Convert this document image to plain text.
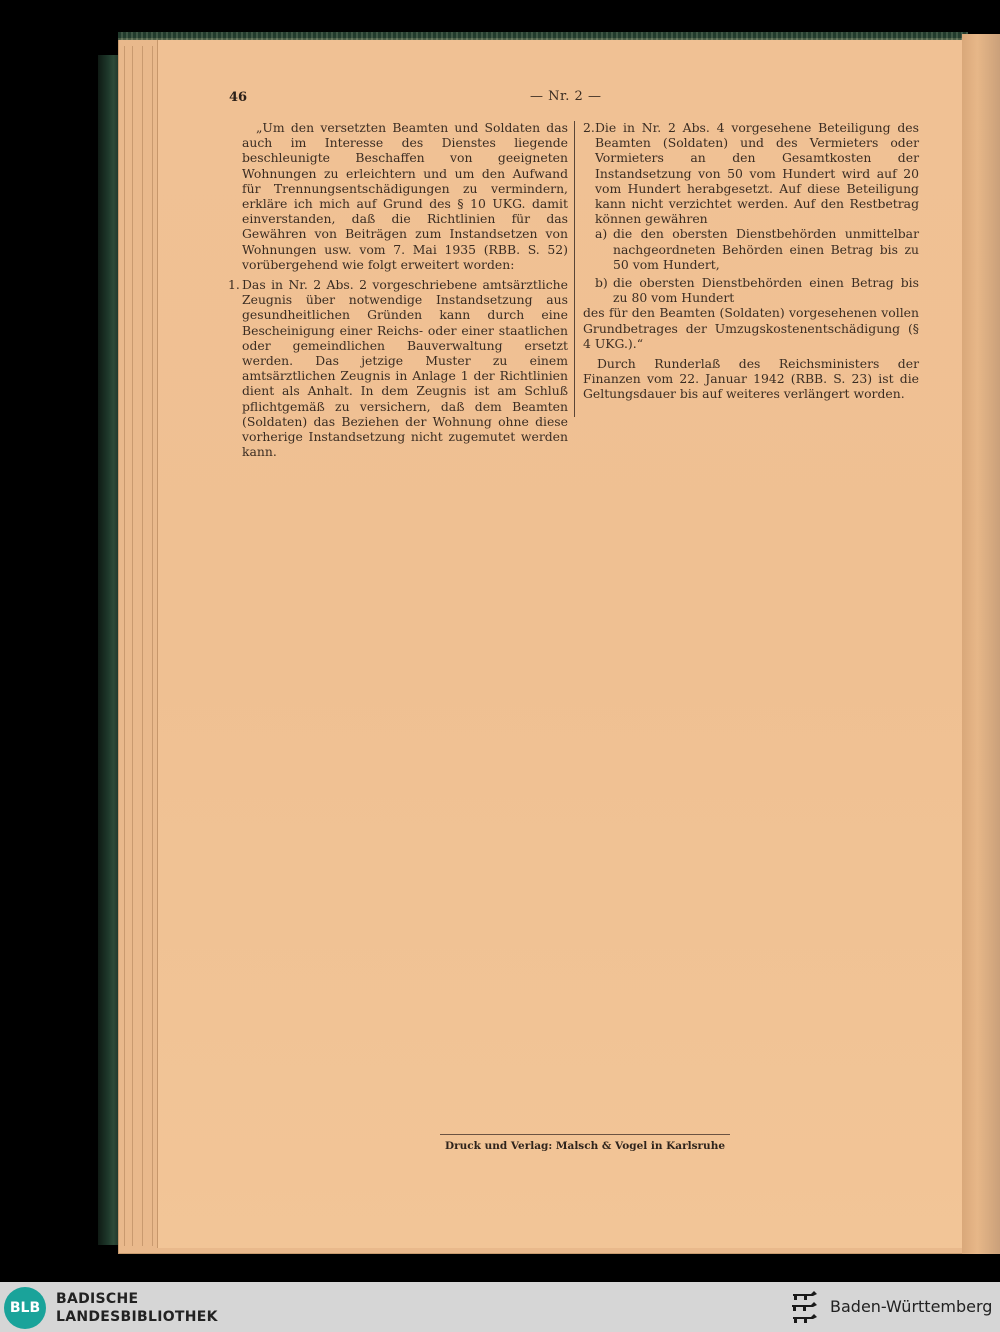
46	— Nr. 2 —

„Um den versetzten Beamten und Soldaten das auch im Interesse des Dienstes liegende beschleunigte Beschaffen von geeigneten Wohnungen zu erleichtern und um den Aufwand für Trennungsentschädigungen zu vermindern, erkläre ich mich auf Grund des § 10 UKG. damit einverstanden, daß die Richtlinien für das Gewähren von Beiträgen zum Instandsetzen von Wohnungen usw. vom 7. Mai 1935 (RBB. S. 52) vorübergehend wie folgt erweitert worden:

1. Das in Nr. 2 Abs. 2 vorgeschriebene amtsärztliche Zeugnis über notwendige Instandsetzung aus gesundheitlichen Gründen kann durch eine Bescheinigung einer Reichs- oder einer staatlichen oder gemeindlichen Bauverwaltung ersetzt werden. Das jetzige Muster zu einem amtsärztlichen Zeugnis in Anlage 1 der Richtlinien dient als Anhalt. In dem Zeugnis ist am Schluß pflichtgemäß zu versichern, daß dem Beamten (Soldaten) das Beziehen der Wohnung ohne diese vorherige Instandsetzung nicht zugemutet werden kann.

2. Die in Nr. 2 Abs. 4 vorgesehene Beteiligung des Beamten (Soldaten) und des Vermieters oder Vormieters an den Gesamtkosten der Instandsetzung von 50 vom Hundert wird auf 20 vom Hundert herabgesetzt. Auf diese Beteiligung kann nicht verzichtet werden. Auf den Restbetrag können gewähren

a) die den obersten Dienstbehörden unmittelbar nachgeordneten Behörden einen Betrag bis zu 50 vom Hundert,

b) die obersten Dienstbehörden einen Betrag bis zu 80 vom Hundert

des für den Beamten (Soldaten) vorgesehenen vollen Grundbetrages der Umzugskostenentschädigung (§ 4 UKG.).“

Durch Runderlaß des Reichsministers der Finanzen vom 22. Januar 1942 (RBB. S. 23) ist die Geltungsdauer bis auf weiteres verlängert worden.

Druck und Verlag: Malsch & Vogel in Karlsruhe
BLB
BADISCHE
LANDESBIBLIOTHEK
Baden-Württemberg
